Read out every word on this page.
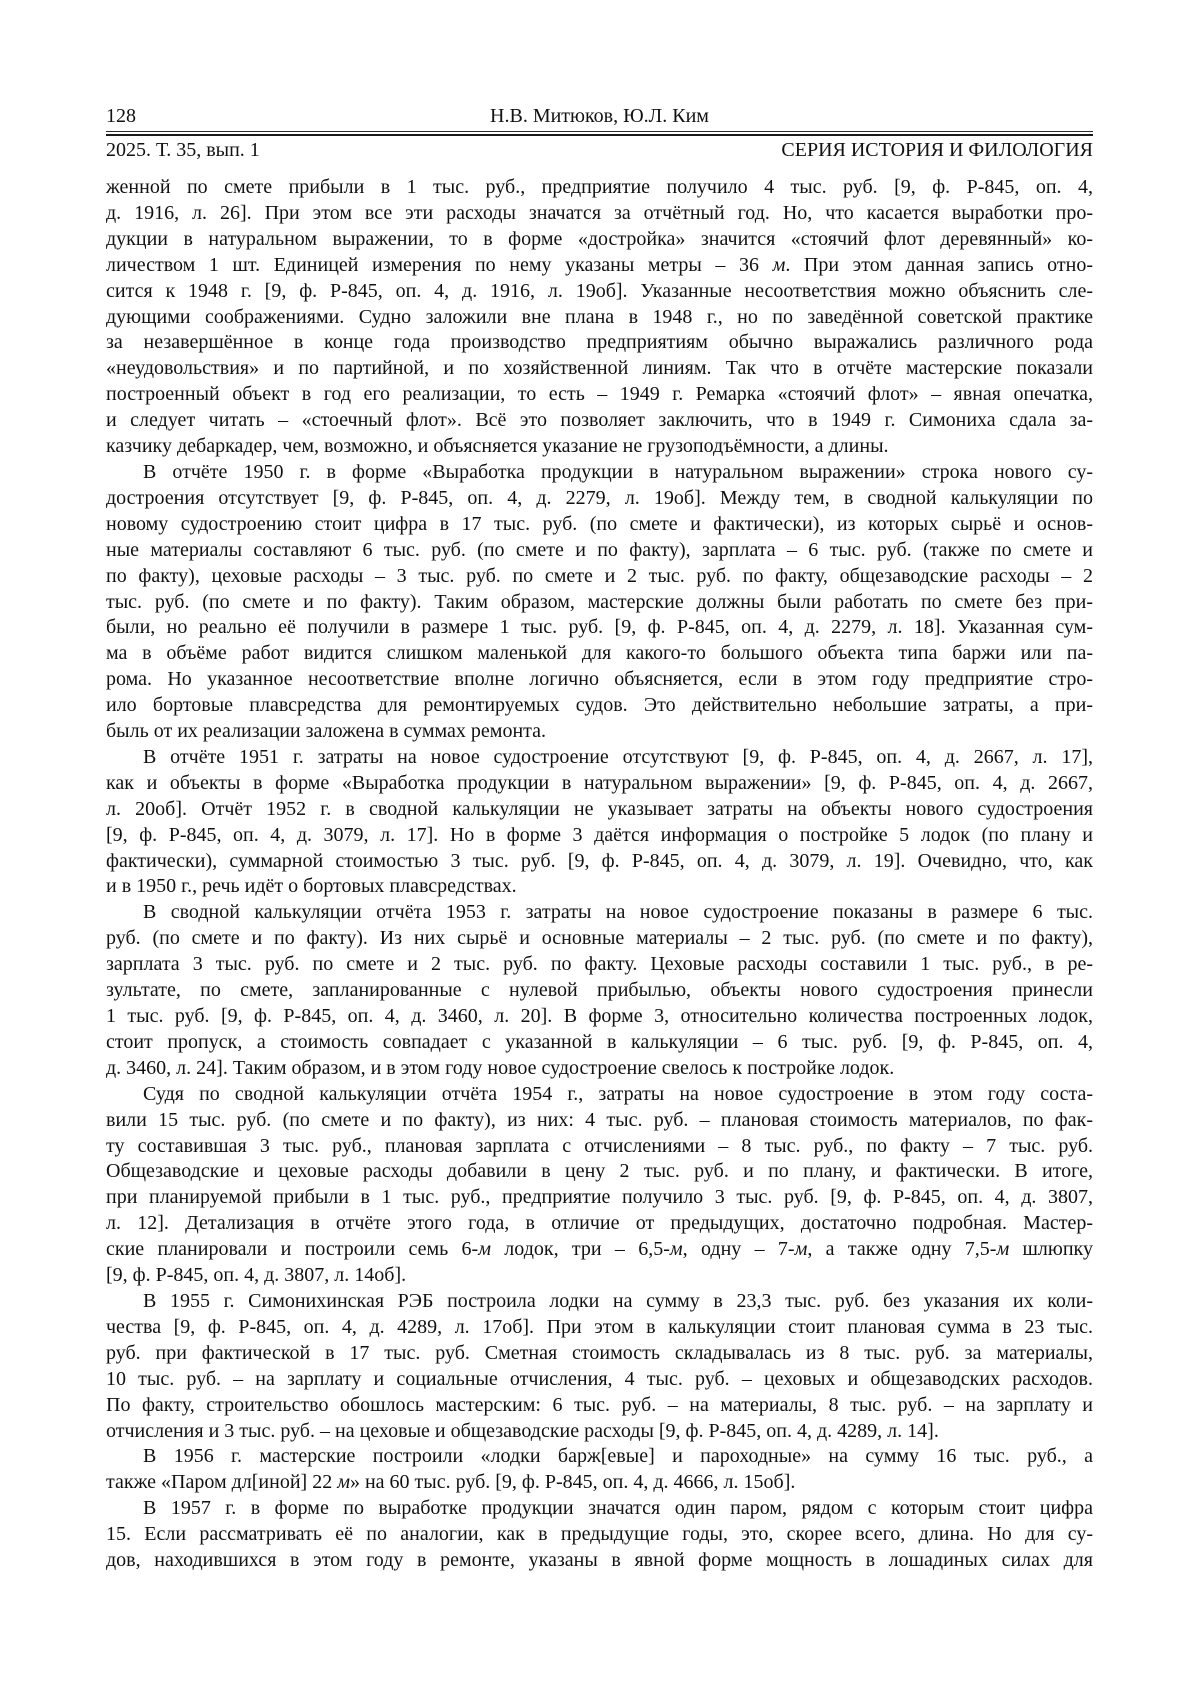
128	Н.В. Митюков, Ю.Л. Ким
2025. Т. 35, вып. 1	СЕРИЯ ИСТОРИЯ И ФИЛОЛОГИЯ
женной по смете прибыли в 1 тыс. руб., предприятие получило 4 тыс. руб. [9, ф. Р-845, оп. 4,
д. 1916, л. 26]. При этом все эти расходы значатся за отчётный год. Но, что касается выработки про-
дукции в натуральном выражении, то в форме «достройка» значится «стоячий флот деревянный» ко-
личеством 1 шт. Единицей измерения по нему указаны метры – 36 м. При этом данная запись отно-
сится к 1948 г. [9, ф. Р-845, оп. 4, д. 1916, л. 19об]. Указанные несоответствия можно объяснить сле-
дующими соображениями. Судно заложили вне плана в 1948 г., но по заведённой советской практике
за незавершённое в конце года производство предприятиям обычно выражались различного рода
«неудовольствия» и по партийной, и по хозяйственной линиям. Так что в отчёте мастерские показали
построенный объект в год его реализации, то есть – 1949 г. Ремарка «стоячий флот» – явная опечатка,
и следует читать – «стоечный флот». Всё это позволяет заключить, что в 1949 г. Симониха сдала за-
казчику дебаркадер, чем, возможно, и объясняется указание не грузоподъёмности, а длины.
В отчёте 1950 г. в форме «Выработка продукции в натуральном выражении» строка нового су-
достроения отсутствует [9, ф. Р-845, оп. 4, д. 2279, л. 19об]. Между тем, в сводной калькуляции по
новому судостроению стоит цифра в 17 тыс. руб. (по смете и фактически), из которых сырьё и основ-
ные материалы составляют 6 тыс. руб. (по смете и по факту), зарплата – 6 тыс. руб. (также по смете и
по факту), цеховые расходы – 3 тыс. руб. по смете и 2 тыс. руб. по факту, общезаводские расходы – 2
тыс. руб. (по смете и по факту). Таким образом, мастерские должны были работать по смете без при-
были, но реально её получили в размере 1 тыс. руб. [9, ф. Р-845, оп. 4, д. 2279, л. 18]. Указанная сум-
ма в объёме работ видится слишком маленькой для какого-то большого объекта типа баржи или па-
рома. Но указанное несоответствие вполне логично объясняется, если в этом году предприятие стро-
ило бортовые плавсредства для ремонтируемых судов. Это действительно небольшие затраты, а при-
быль от их реализации заложена в суммах ремонта.
В отчёте 1951 г. затраты на новое судостроение отсутствуют [9, ф. Р-845, оп. 4, д. 2667, л. 17],
как и объекты в форме «Выработка продукции в натуральном выражении» [9, ф. Р-845, оп. 4, д. 2667,
л. 20об]. Отчёт 1952 г. в сводной калькуляции не указывает затраты на объекты нового судостроения
[9, ф. Р-845, оп. 4, д. 3079, л. 17]. Но в форме 3 даётся информация о постройке 5 лодок (по плану и
фактически), суммарной стоимостью 3 тыс. руб. [9, ф. Р-845, оп. 4, д. 3079, л. 19]. Очевидно, что, как
и в 1950 г., речь идёт о бортовых плавсредствах.
В сводной калькуляции отчёта 1953 г. затраты на новое судостроение показаны в размере 6 тыс.
руб. (по смете и по факту). Из них сырьё и основные материалы – 2 тыс. руб. (по смете и по факту),
зарплата 3 тыс. руб. по смете и 2 тыс. руб. по факту. Цеховые расходы составили 1 тыс. руб., в ре-
зультате, по смете, запланированные с нулевой прибылью, объекты нового судостроения принесли
1 тыс. руб. [9, ф. Р-845, оп. 4, д. 3460, л. 20]. В форме 3, относительно количества построенных лодок,
стоит пропуск, а стоимость совпадает с указанной в калькуляции – 6 тыс. руб. [9, ф. Р-845, оп. 4,
д. 3460, л. 24]. Таким образом, и в этом году новое судостроение свелось к постройке лодок.
Судя по сводной калькуляции отчёта 1954 г., затраты на новое судостроение в этом году соста-
вили 15 тыс. руб. (по смете и по факту), из них: 4 тыс. руб. – плановая стоимость материалов, по фак-
ту составившая 3 тыс. руб., плановая зарплата с отчислениями – 8 тыс. руб., по факту – 7 тыс. руб.
Общезаводские и цеховые расходы добавили в цену 2 тыс. руб. и по плану, и фактически. В итоге,
при планируемой прибыли в 1 тыс. руб., предприятие получило 3 тыс. руб. [9, ф. Р-845, оп. 4, д. 3807,
л. 12]. Детализация в отчёте этого года, в отличие от предыдущих, достаточно подробная. Мастер-
ские планировали и построили семь 6-м лодок, три – 6,5-м, одну – 7-м, а также одну 7,5-м шлюпку
[9, ф. Р-845, оп. 4, д. 3807, л. 14об].
В 1955 г. Симонихинская РЭБ построила лодки на сумму в 23,3 тыс. руб. без указания их коли-
чества [9, ф. Р-845, оп. 4, д. 4289, л. 17об]. При этом в калькуляции стоит плановая сумма в 23 тыс.
руб. при фактической в 17 тыс. руб. Сметная стоимость складывалась из 8 тыс. руб. за материалы,
10 тыс. руб. – на зарплату и социальные отчисления, 4 тыс. руб. – цеховых и общезаводских расходов.
По факту, строительство обошлось мастерским: 6 тыс. руб. – на материалы, 8 тыс. руб. – на зарплату и
отчисления и 3 тыс. руб. – на цеховые и общезаводские расходы [9, ф. Р-845, оп. 4, д. 4289, л. 14].
В 1956 г. мастерские построили «лодки барж[евые] и пароходные» на сумму 16 тыс. руб., а
также «Паром дл[иной] 22 м» на 60 тыс. руб. [9, ф. Р-845, оп. 4, д. 4666, л. 15об].
В 1957 г. в форме по выработке продукции значатся один паром, рядом с которым стоит цифра
15. Если рассматривать её по аналогии, как в предыдущие годы, это, скорее всего, длина. Но для су-
дов, находившихся в этом году в ремонте, указаны в явной форме мощность в лошадиных силах для
